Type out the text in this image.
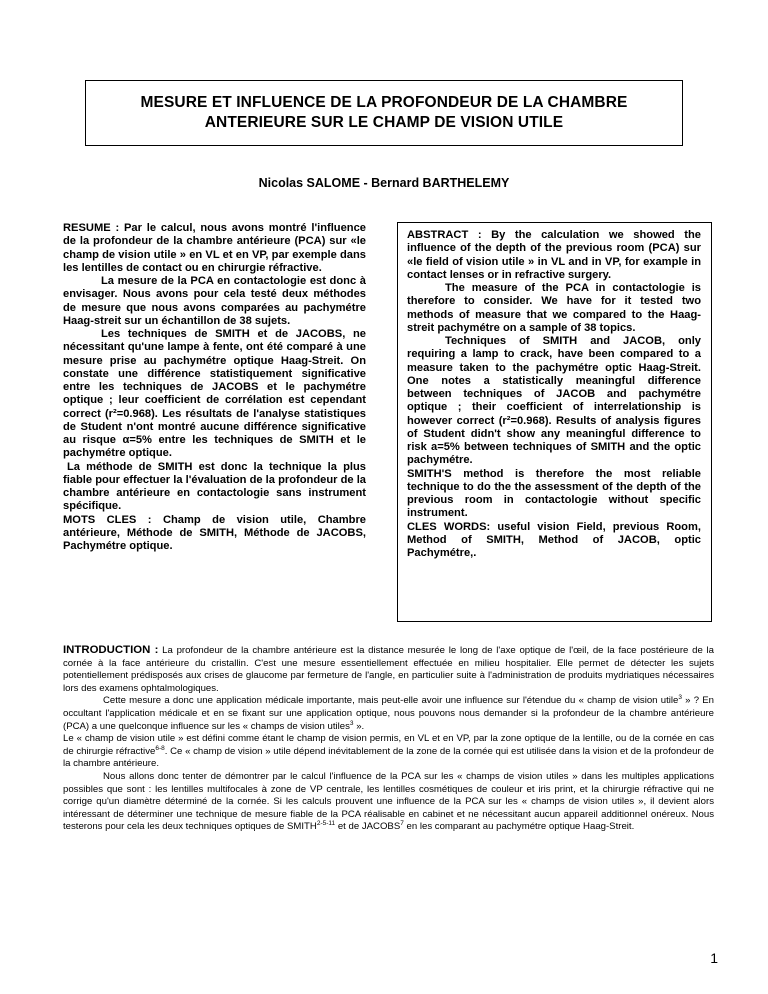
MESURE ET INFLUENCE DE LA PROFONDEUR DE LA CHAMBRE
ANTERIEURE SUR LE CHAMP DE VISION UTILE
Nicolas SALOME - Bernard BARTHELEMY

RESUME : Par le calcul, nous avons montré l'influence de la profondeur de la chambre antérieure (PCA) sur «le champ de vision utile » en VL et en VP, par exemple dans les lentilles de contact ou en chirurgie réfractive.

La mesure de la PCA en contactologie est donc à envisager. Nous avons pour cela testé deux méthodes de mesure que nous avons comparées au pachymétre Haag-streit sur un échantillon de 38 sujets.

Les techniques de SMITH et de JACOBS, ne nécessitant qu'une lampe à fente, ont été comparé à une mesure prise au pachymétre optique Haag-Streit. On constate une différence statistiquement significative entre les techniques de JACOBS et le pachymétre optique ; leur coefficient de corrélation est cependant correct (r²=0.968). Les résultats de l'analyse statistiques de Student n'ont montré aucune différence significative au risque α=5% entre les techniques de SMITH et le pachymétre optique.

La méthode de SMITH est donc la technique la plus fiable pour effectuer la l'évaluation de la profondeur de la chambre antérieure en contactologie sans instrument spécifique.

MOTS CLES : Champ de vision utile, Chambre antérieure, Méthode de SMITH, Méthode de JACOBS, Pachymétre optique.

ABSTRACT : By the calculation we showed the influence of the depth of the previous room (PCA) sur «le field of vision utile » in VL and in VP, for example in contact lenses or in refractive surgery.

The measure of the PCA in contactologie is therefore to consider. We have for it tested two methods of measure that we compared to the Haag-streit pachymétre on a sample of 38 topics.

Techniques of SMITH and JACOB, only requiring a lamp to crack, have been compared to a measure taken to the pachymétre optic Haag-Streit. One notes a statistically meaningful difference between techniques of JACOB and pachymétre optique ; their coefficient of interrelationship is however correct (r²=0.968). Results of analysis figures of Student didn't show any meaningful difference to risk a=5% between techniques of SMITH and the optic pachymétre.

SMITH'S method is therefore the most reliable technique to do the the assessment of the depth of the previous room in contactologie without specific instrument.

CLES WORDS: useful vision Field, previous Room, Method of SMITH, Method of JACOB, optic Pachymétre,.

INTRODUCTION : La profondeur de la chambre antérieure est la distance mesurée le long de l'axe optique de l'œil, de la face postérieure de la cornée à la face antérieure du cristallin. C'est une mesure essentiellement effectuée en milieu hospitalier. Elle permet de détecter les sujets potentiellement prédisposés aux crises de glaucome par fermeture de l'angle, en particulier suite à l'administration de produits mydriatiques nécessaires lors des examens ophtalmologiques.

Cette mesure a donc une application médicale importante, mais peut-elle avoir une influence sur l'étendue du « champ de vision utile$^3$ » ? En occultant l'application médicale et en se fixant sur une application optique, nous pouvons nous demander si la profondeur de la chambre antérieure (PCA) a une quelconque influence sur les « champs de vision utiles$^3$ ».

Le « champ de vision utile » est défini comme étant le champ de vision permis, en VL et en VP, par la zone optique de la lentille, ou de la cornée en cas de chirurgie réfractive$^{6-8}$. Ce « champ de vision » utile dépend inévitablement de la zone de la cornée qui est utilisée dans la vision et de la profondeur de la chambre antérieure.

Nous allons donc tenter de démontrer par le calcul l'influence de la PCA sur les « champs de vision utiles » dans les multiples applications possibles que sont : les lentilles multifocales à zone de VP centrale, les lentilles cosmétiques de couleur et iris print, et la chirurgie réfractive qui ne corrige qu'un diamètre déterminé de la cornée. Si les calculs prouvent une influence de la PCA sur les « champs de vision utiles », il devient alors intéressant de déterminer une technique de mesure fiable de la PCA réalisable en cabinet et ne nécessitant aucun appareil additionnel onéreux. Nous testerons pour cela les deux techniques optiques de SMITH$^{2-5-11}$ et de JACOBS$^7$ en les comparant au pachymétre optique Haag-Streit.

1
